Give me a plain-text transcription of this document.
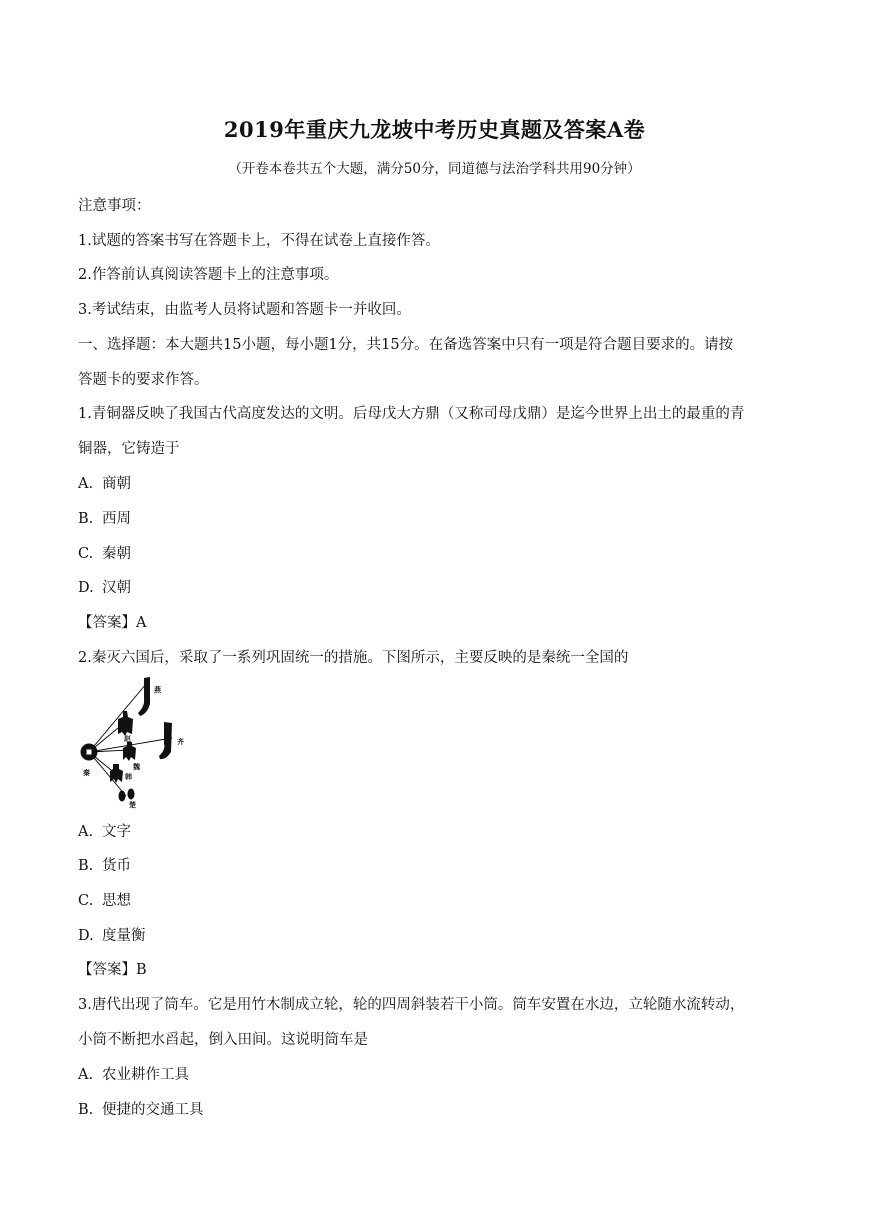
2019年重庆九龙坡中考历史真题及答案A卷
（开卷本卷共五个大题，满分50分，同道德与法治学科共用90分钟）
注意事项：
1.试题的答案书写在答题卡上，不得在试卷上直接作答。
2.作答前认真阅读答题卡上的注意事项。
3.考试结束，由监考人员将试题和答题卡一并收回。
一、选择题：本大题共15小题，每小题1分，共15分。在备选答案中只有一项是符合题目要求的。请按
答题卡的要求作答。
1.青铜器反映了我国古代高度发达的文明。后母戊大方鼎（又称司母戊鼎）是迄今世界上出土的最重的青
铜器，它铸造于
A. 商朝
B. 西周
C. 秦朝
D. 汉朝
【答案】A
2.秦灭六国后，采取了一系列巩固统一的措施。下图所示，主要反映的是秦统一全国的
燕
赵	齐
魏
韩
楚
秦
A. 文字
B. 货币
C. 思想
D. 度量衡
【答案】B
3.唐代出现了筒车。它是用竹木制成立轮，轮的四周斜装若干小筒。筒车安置在水边，立轮随水流转动，
小筒不断把水舀起，倒入田间。这说明筒车是
A. 农业耕作工具
B. 便捷的交通工具
